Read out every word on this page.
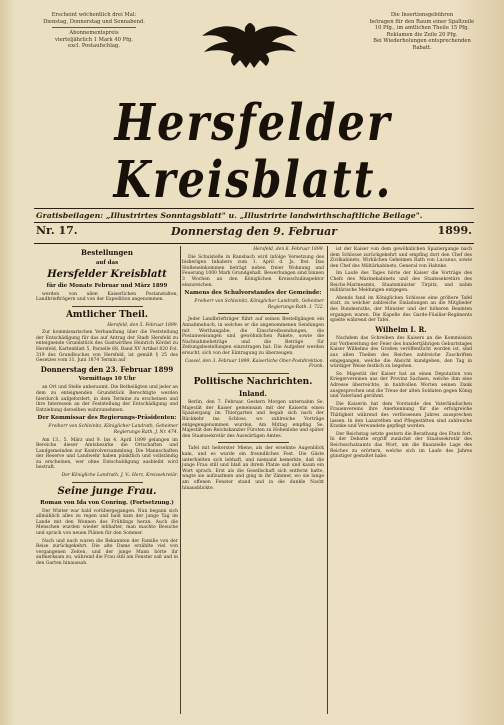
Erscheint wöchentlich drei Mal:
Dienstag, Donnerstag und Sonnabend.
Abonnementspreis
vierteljährlich 1 Mark 40 Pfg.
excl. Postaufschlag.
Die Insertionsgebühren
betragen für den Raum einer Spaltzeile
10 Pfg., im amtlichen Theile 15 Pfg.
Reklamen die Zeile 20 Pfg.
Bei Wiederholungen entsprechenden
Rabatt.
Hersfelder Kreisblatt.
Gratisbeilagen: „Illustrirtes Sonntagsblatt" u. „Illustrirte landwirthschaftliche Beilage".
Nr. 17.	Donnerstag den 9. Februar	1899.
Bestellungen
auf das
Hersfelder Kreisblatt
für die Monate Februar und März 1899

werden von allen Kaiserlichen Postanstalten, Landbriefträgern und von der Expedition angenommen.

Amtlicher Theil.
Hersfeld, den 5. Februar 1899.

Zur kommissarischen Verhandlung über die Feststellung der Entschädigung für das auf Antrag der Stadt Hersfeld zu enteignende Grundstück des Gastwirthes Heinrich Kördel zu Hersfeld, Kartenblatt 5, Parzelle 68, Band XV Artikel 820 Fol. 319 des Grundbuches von Hersfeld, ist gemäß § 25 des Gesetzes vom 11. Juni 1874 Termin auf

Donnerstag den 23. Februar 1899
Vormittags 10 Uhr

an Ort und Stelle anberaumt. Die Betheiligten und jeder an dem zu enteignenden Grundstück Berechtigte werden hierdurch aufgefordert, in dem Termine zu erscheinen und ihre Interessen an der Feststellung der Entschädigung und Entziehung derselben wahrzunehmen.

Der Kommissar des Regierungs-Präsidenten:
Freiherr von Schleinitz, Königlicher Landrath, Geheimer Regierungs-Rath. J. Nr. 474.

Am 13., 5. März und 9. bis 4. April 1899 gelangen im Bereiche dieser Amtsbezirke die Ortschaften und Landgemeinden zur Kontrolversammlung. Die Mannschaften der Reserve und Landwehr haben pünktlich und vollständig zu erscheinen, wer ohne Entschuldigung ausbleibt wird bestraft.

Der Königliche Landrath. J. V.: Herz, Kreissekretär.
Seine junge Frau.
Roman von Ida von Conring. (Fortsetzung.)

Der Winter war bald vorübergegangen. Nun begann sich allmählich alles zu regen und bald kam der junge Tag im Lande mit den Wonnen des Frühlings heran. Auch die Menschen wurden wieder lebhafter, man machte Besuche und sprach von neuen Plänen für den Sommer.

Nach und nach waren die Bekannten der Familie von der Reise zurückgekehrt. Die alte Dame erzählte viel von vergangenen Zeiten, und der junge Mann hörte ihr aufmerksam zu, während die Frau still am Fenster saß und in den Garten hinaussah.

Hersfeld, den 6. Februar 1899.

Die Schulstelle in Ransbach wird infolge Versetzung des bisherigen Inhabers zum 1. April d. Js. frei. Das Stelleneinkommen beträgt neben freier Wohnung und Feuerung 1000 Mark Grundgehalt. Bewerbungen sind binnen 3 Wochen an den Königlichen Kreisschulinspektor einzureichen.

Namens des Schulvorstandes der Gemeinde:
Freiherr von Schleinitz, Königlicher Landrath, Geheimer Regierungs-Rath. I. 722.

Jeder Landbriefträger führt auf seinen Bestellgängen ein Annahmebuch, in welches er die angenommenen Sendungen mit Werthangabe, die Einschreibsendungen, die Postanweisungen und gewöhnlichen Pakete, sowie die Nachnahmebeträge und die Beträge für Zeitungsbestellungen einzutragen hat. Die Aufgeber werden ersucht, sich von der Eintragung zu überzeugen.

Cassel, den 3. Februar 1899. Kaiserliche Ober-Postdirektion. Frank.
Politische Nachrichten.
Inland.

Berlin, den 7. Februar. Gestern Morgen unternahm Se. Majestät der Kaiser gemeinsam mit der Kaiserin einen Spaziergang im Thiergarten und begab sich nach der Rückkehr ins Schloss, wo zahlreiche Vorträge entgegengenommen wurden. Am Mittag empfing Se. Majestät den Reichskanzler Fürsten zu Hohenlohe und später den Staatssekretär des Auswärtigen Amtes.

Tafel mit heiterster Miene, als der ersehnte Augenblick kam, und es wurde ein freundliches Fest. Die Gäste unterhielten sich lebhaft, und niemand bemerkte, daß die junge Frau still und blaß an ihrem Platze saß und kaum ein Wort sprach. Erst als die Gesellschaft sich entfernt hatte, wagte sie aufzuatmen und ging in ihr Zimmer, wo sie lange am offenen Fenster stand und in die dunkle Nacht hinausblickte.

ist der Kaiser von dem gewöhnlichen Spaziergange nach dem Schlosse zurückgekehrt und empfing dort den Chef des Zivilkabinets, Wirklichen Geheimen Rath von Lucanus, sowie den Chef des Militärkabinets, General von Hahnke.

Im Laufe des Tages hörte der Kaiser die Vorträge des Chefs des Marinekabinets und des Staatssekretärs des Reichs-Marineamts, Staatsminister Tirpitz, und nahm militärische Meldungen entgegen.

Abends fand im Königlichen Schlosse eine größere Tafel statt, zu welcher zahlreiche Einladungen an die Mitglieder des Bundesraths, der Minister und der höheren Beamten ergangen waren. Die Kapelle des Garde-Füsilier-Regiments spielte während der Tafel.

Wilhelm I. R.

Nachdem das Schreiben des Kaisers an die Kommission zur Vorbereitung der Feier des hundertjährigen Geburtstages Kaiser Wilhelms des Großen veröffentlicht worden ist, sind aus allen Theilen des Reiches zahlreiche Zuschriften eingegangen, welche die Absicht kundgeben, den Tag in würdiger Weise festlich zu begehen.

Se. Majestät der Kaiser hat an einen Deputation von Kriegervereinen aus der Provinz Sachsen, welche ihm eine Adresse überreichte, in huldvollen Worten seinen Dank ausgesprochen und die Treue der alten Soldaten gegen König und Vaterland gerühmt.

Die Kaiserin hat dem Vorstande des Vaterländischen Frauenvereins ihre Anerkennung für die erfolgreiche Thätigkeit während des verflossenen Jahres aussprechen lassen. In den Lazarethen und Pflegestätten sind zahlreiche Kranke und Verwundete gepflegt worden.

Der Reichstag setzte gestern die Berathung des Etats fort. In der Debatte ergriff zunächst der Staatssekretär des Reichsschatzamts das Wort, um die finanzielle Lage des Reiches zu erörtern, welche sich im Laufe des Jahres günstiger gestaltet habe.
